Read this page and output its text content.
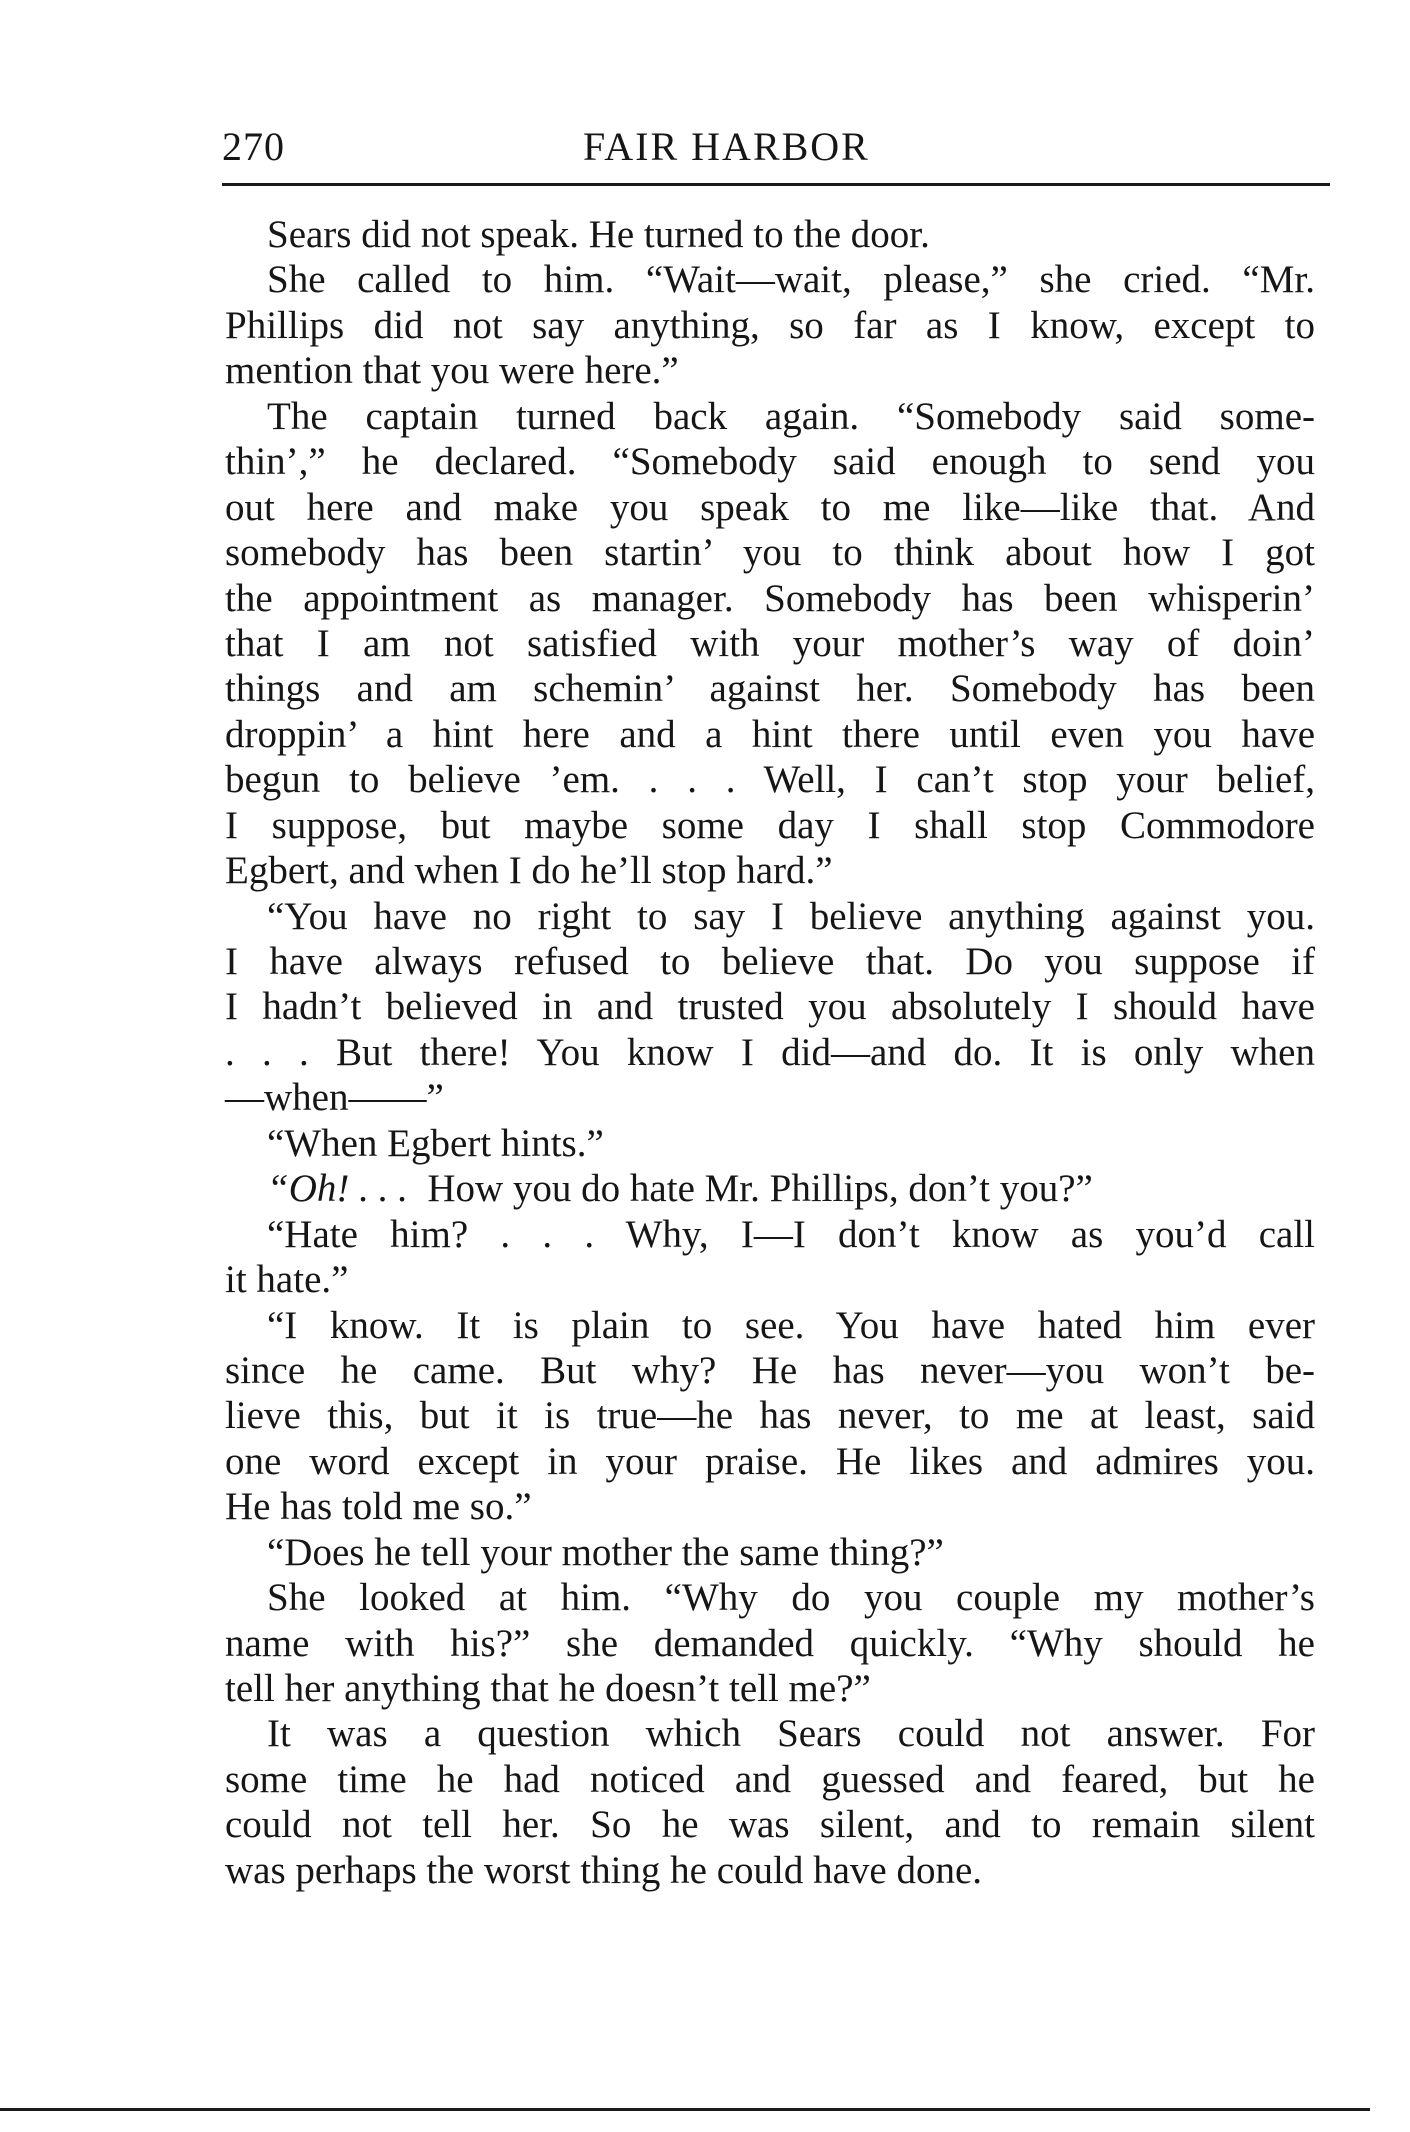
270	FAIR HARBOR
Sears did not speak. He turned to the door.
She called to him. “Wait—wait, please,” she cried. “Mr.
Phillips did not say anything, so far as I know, except to
mention that you were here.”
The captain turned back again. “Somebody said some-
thin’,” he declared. “Somebody said enough to send you
out here and make you speak to me like—like that. And
somebody has been startin’ you to think about how I got
the appointment as manager. Somebody has been whisperin’
that I am not satisfied with your mother’s way of doin’
things and am schemin’ against her. Somebody has been
droppin’ a hint here and a hint there until even you have
begun to believe ’em. . . . Well, I can’t stop your belief,
I suppose, but maybe some day I shall stop Commodore
Egbert, and when I do he’ll stop hard.”
“You have no right to say I believe anything against you.
I have always refused to believe that. Do you suppose if
I hadn’t believed in and trusted you absolutely I should have
. . . But there! You know I did—and do. It is only when
—when——”
“When Egbert hints.”
“Oh! . . . How you do hate Mr. Phillips, don’t you?”
“Hate him? . . . Why, I—I don’t know as you’d call
it hate.”
“I know. It is plain to see. You have hated him ever
since he came. But why? He has never—you won’t be-
lieve this, but it is true—he has never, to me at least, said
one word except in your praise. He likes and admires you.
He has told me so.”
“Does he tell your mother the same thing?”
She looked at him. “Why do you couple my mother’s
name with his?” she demanded quickly. “Why should he
tell her anything that he doesn’t tell me?”
It was a question which Sears could not answer. For
some time he had noticed and guessed and feared, but he
could not tell her. So he was silent, and to remain silent
was perhaps the worst thing he could have done.
